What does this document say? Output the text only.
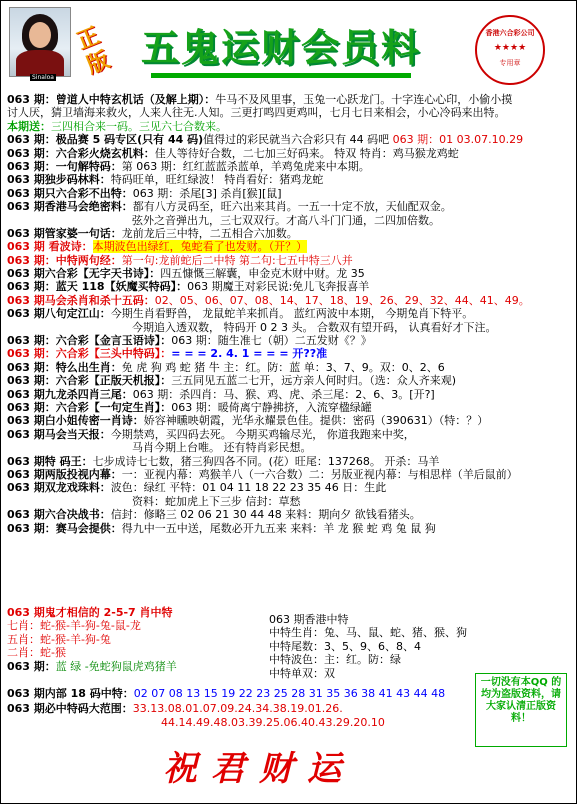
Sinaloa
正版 五鬼运财会员料	香港六合彩公司
★★★★
专用章
063 期：曾道人中特玄机话（及解上期）：牛马不及风里事，玉兔一心跃龙门。十字连心心印，小偷小摸
讨人厌，猜卫墙海来救火，人来人往无.人知。三更打鸣四更鸡叫，七月七日来相会，小心冷码来出特。
本期送：三四相合来一码。三见六七合数来。
063 期：极品赛 5 码专区(只有 44 码)值得过的彩民就当六合彩只有 44 码吧 063 期：01 03.07.10.29
063 期：六合彩火烧玄机料：佳人等待好合数，二七加三好码来。 特双 特肖：鸡马猴龙鸡蛇
063 期：一句解特码：第 063 期：红红蓝蓝杀蓝单，羊鸡兔虎来中本期。
063 期独步码林料：特码旺单，旺红绿波！ 特肖看好：猪鸡龙蛇
063 期只六合彩不出特：063 期：杀尾[3] 杀肖[猴][鼠]
063 期香港马会绝密料：都有八方灵码至，旺六出来其肖。一五一十定不放，天仙配双金。
弦外之音弹出九，三七双双行。才高八斗门门通，二四加倍数。
063 期管家婆一句话：龙前龙后三中特，二五相合六加数。
063 期 看波诗：本期波色出绿红，兔蛇看了也发财。（开？）
063 期：中特两句经：第一句:龙前蛇后二中特 第二句:七五中特三八并
063 期六合彩【无字天书诗】：四五慷慨三解囊，申金克木财中财。龙 35
063 期：蓝天 118【妖魔买特码】：063 期魔王对彩民说:免儿飞奔报喜羊
063 期马会杀肖和杀十五码：02、05、06、07、08、14、17、18、19、26、29、32、44、41、49。
063 期八句定江山：今期生肖看野兽， 龙鼠蛇羊来抓肖。 蓝红两波中本期， 今期兔肖下特平。
今期追入透双数， 特码开 0 2 3 头。 合数双有望开码， 认真看好才下注。
063 期：六合彩【金言玉语诗】：063 期：随生准七（朝）二五发财《？》
063 期：六合彩【三头中特码】：= = = 2. 4. 1 = = = 开??准
063 期：特么出生肖：免 虎 狗 鸡 蛇 猪 牛 主：红。防：蓝 单：3、7、9。双：0、2、6
063 期：六合彩【正版天机报】：三五同见五蓝二七开，远方亲人何时归。（选：众人齐来观)
063 期九龙杀四肖三尾：063 期：杀四肖：马、猴、鸡、虎、杀三尾：2、6、3。[开?]
063 期：六合彩【一句定生肖】：063 期：暖倚离宁静拂挤，入流穿楹绿罐
063 期白小姐传密一肖诗：娇容神矄映朝霞，光华永耀景色佳。提供：密码（390631）（特：？）
063 期马会当天报：今期禁鸡，买四码去死。 今期买鸡输尽光， 你道我跑来中奖，
马肖今期上台唯。 还有特肖彩民想。
063 期特 码王：七步成诗七七数，猪三狗四各不同。(花）旺尾：137268。 开杀：马羊
063 期两版投视内幕：一：亚视内幕：鸡猴羊八（一六合数）二：另版亚视内幕：与相思样（羊后鼠前）
063 期双龙戏珠料：波色：绿红 平特：01 04 11 18 22 23 35 46 日：生此
资料：蛇加虎上下三步 信封：草愁
063 期六合决战书：信封：修略三 02 06 21 30 44 48 来料：期向夕 欲钱看猪头。
063 期：赛马会提供：得九中一五中送，尾数必开九五来 来料：羊 龙 猴 蛇 鸡 兔 鼠 狗
063 期鬼才相信的 2-5-7 肖中特
七肖：蛇-猴-羊-狗-兔-鼠-龙
五肖：蛇-猴-羊-狗-兔
二肖：蛇-猴
063 期：蓝 绿 -免蛇狗鼠虎鸡猪羊
063 期香港中特
中特生肖：兔、马、鼠、蛇、猪、猴、狗
中特尾数：3、5、9、6、8、4
中特波色：主：红。防：绿
中特单双：双
063 期内部 18 码中特：02 07 08 13 15 19 22 23 25 28 31 35 36 38 41 43 44 48
063 期必中特码大范围：33.13.08.01.07.09.24.34.38.19.01.26.
44.14.49.48.03.39.25.06.40.43.29.20.10
一切没有本QQ 的均为盗版资料，请大家认清正版资料！
祝君财运
